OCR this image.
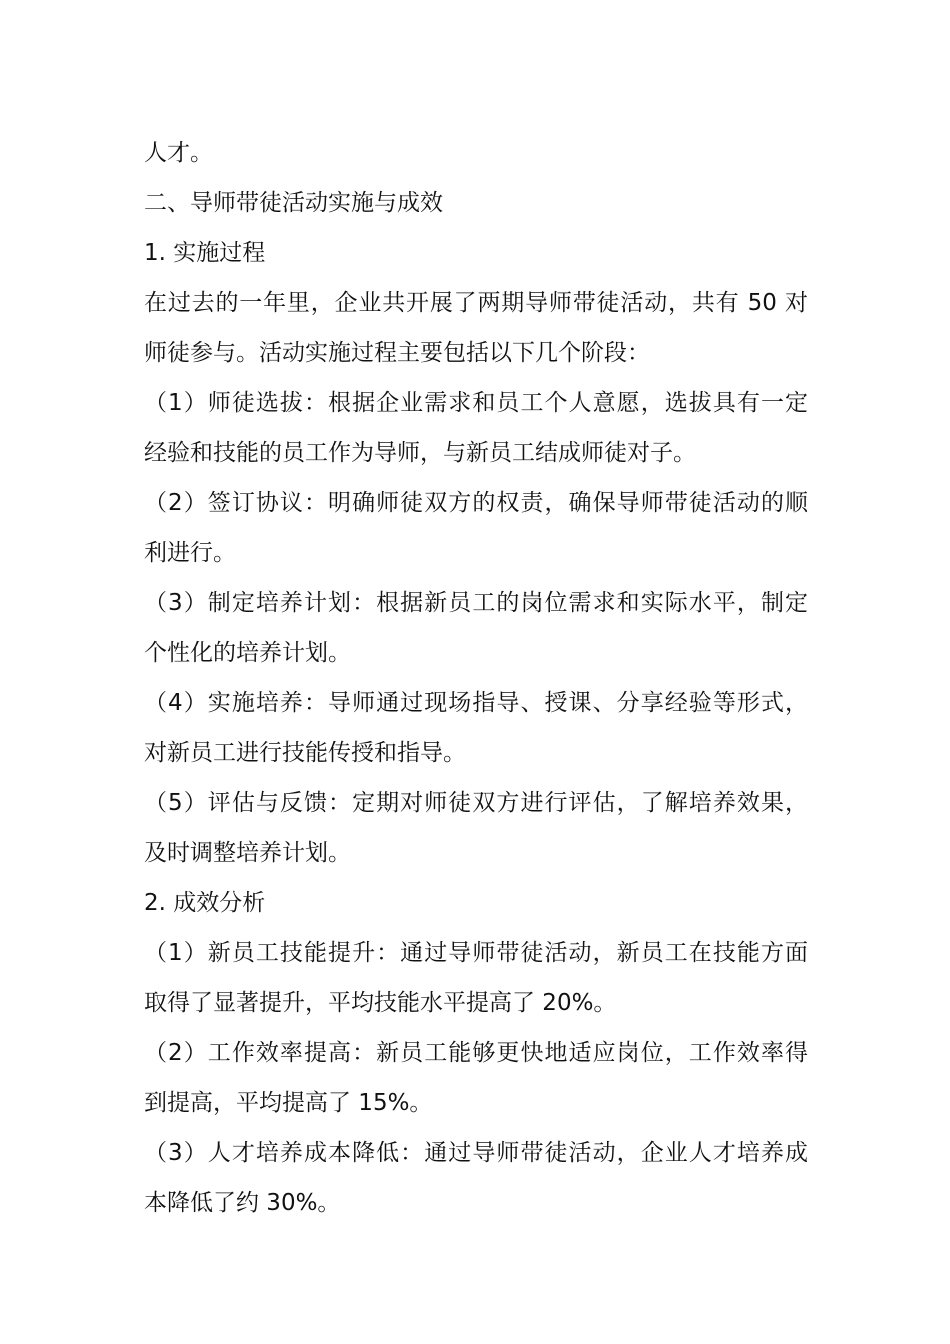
人才。
二、导师带徒活动实施与成效
1. 实施过程
在过去的一年里，企业共开展了两期导师带徒活动，共有 50 对
师徒参与。活动实施过程主要包括以下几个阶段：
（1）师徒选拔：根据企业需求和员工个人意愿，选拔具有一定
经验和技能的员工作为导师，与新员工结成师徒对子。
（2）签订协议：明确师徒双方的权责，确保导师带徒活动的顺
利进行。
（3）制定培养计划：根据新员工的岗位需求和实际水平，制定
个性化的培养计划。
（4）实施培养：导师通过现场指导、授课、分享经验等形式，
对新员工进行技能传授和指导。
（5）评估与反馈：定期对师徒双方进行评估，了解培养效果，
及时调整培养计划。
2. 成效分析
（1）新员工技能提升：通过导师带徒活动，新员工在技能方面
取得了显著提升，平均技能水平提高了 20%。
（2）工作效率提高：新员工能够更快地适应岗位，工作效率得
到提高，平均提高了 15%。
（3）人才培养成本降低：通过导师带徒活动，企业人才培养成
本降低了约 30%。
